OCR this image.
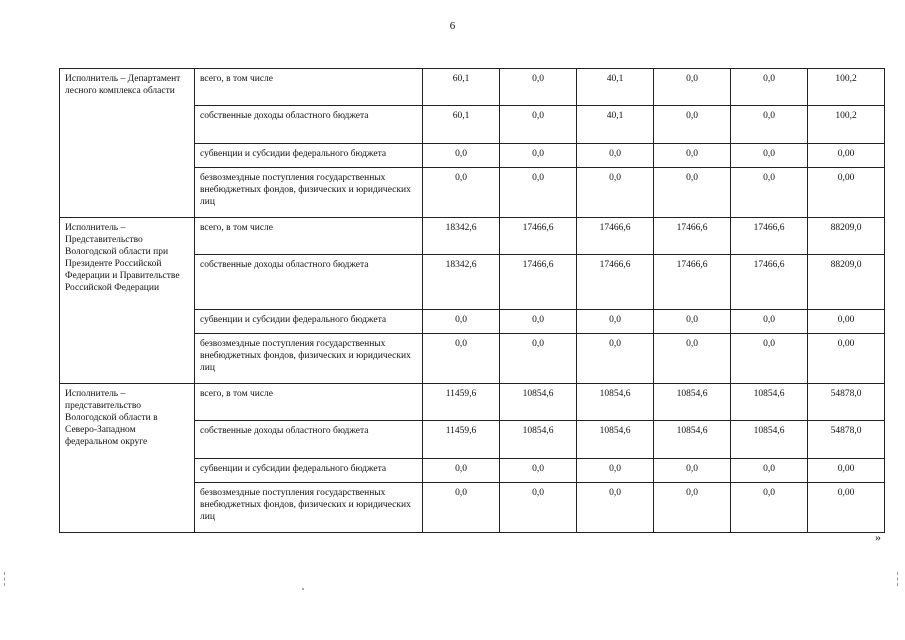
6
Исполнитель – Департамент лесного комплекса области	всего, в том числе	60,1	0,0	40,1	0,0	0,0	100,2
	собственные доходы областного бюджета	60,1	0,0	40,1	0,0	0,0	100,2
	субвенции и субсидии федерального бюджета	0,0	0,0	0,0	0,0	0,0	0,00
	безвозмездные поступления государственных внебюджетных фондов, физических и юридических лиц	0,0	0,0	0,0	0,0	0,0	0,00
Исполнитель – Представительство Вологодской области при Президенте Российской Федерации и Правительстве Российской Федерации	всего, в том числе	18342,6	17466,6	17466,6	17466,6	17466,6	88209,0
	собственные доходы областного бюджета	18342,6	17466,6	17466,6	17466,6	17466,6	88209,0
	субвенции и субсидии федерального бюджета	0,0	0,0	0,0	0,0	0,0	0,00
	безвозмездные поступления государственных внебюджетных фондов, физических и юридических лиц	0,0	0,0	0,0	0,0	0,0	0,00
Исполнитель – представительство Вологодской области в Северо-Западном федеральном округе	всего, в том числе	11459,6	10854,6	10854,6	10854,6	10854,6	54878,0
	собственные доходы областного бюджета	11459,6	10854,6	10854,6	10854,6	10854,6	54878,0
	субвенции и субсидии федерального бюджета	0,0	0,0	0,0	0,0	0,0	0,00
	безвозмездные поступления государственных внебюджетных фондов, физических и юридических лиц	0,0	0,0	0,0	0,0	0,0	0,00
»
